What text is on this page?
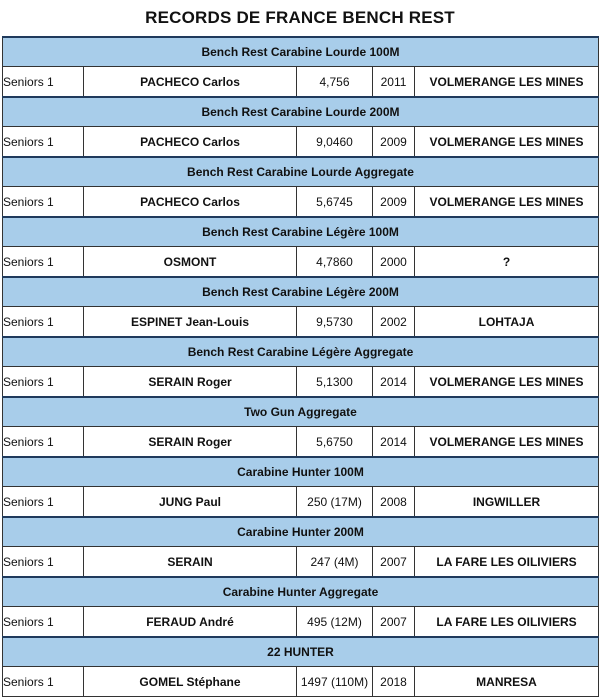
RECORDS DE FRANCE BENCH REST
Bench Rest Carabine Lourde 100M				
Seniors 1	PACHECO Carlos	4,756	2011	VOLMERANGE LES MINES
Bench Rest Carabine Lourde 200M				
Seniors 1	PACHECO Carlos	9,0460	2009	VOLMERANGE LES MINES
Bench Rest Carabine Lourde Aggregate				
Seniors 1	PACHECO Carlos	5,6745	2009	VOLMERANGE LES MINES
Bench Rest Carabine Légère 100M				
Seniors 1	OSMONT	4,7860	2000	?
Bench Rest Carabine Légère 200M				
Seniors 1	ESPINET Jean-Louis	9,5730	2002	LOHTAJA
Bench Rest Carabine Légère Aggregate				
Seniors 1	SERAIN Roger	5,1300	2014	VOLMERANGE LES MINES
Two Gun Aggregate				
Seniors 1	SERAIN Roger	5,6750	2014	VOLMERANGE LES MINES
Carabine Hunter 100M				
Seniors 1	JUNG Paul	250 (17M)	2008	INGWILLER
Carabine Hunter 200M				
Seniors 1	SERAIN	247 (4M)	2007	LA FARE LES OILIVIERS
Carabine Hunter Aggregate				
Seniors 1	FERAUD André	495 (12M)	2007	LA FARE LES OILIVIERS
22 HUNTER				
Seniors 1	GOMEL Stéphane	1497 (110M)	2018	MANRESA
